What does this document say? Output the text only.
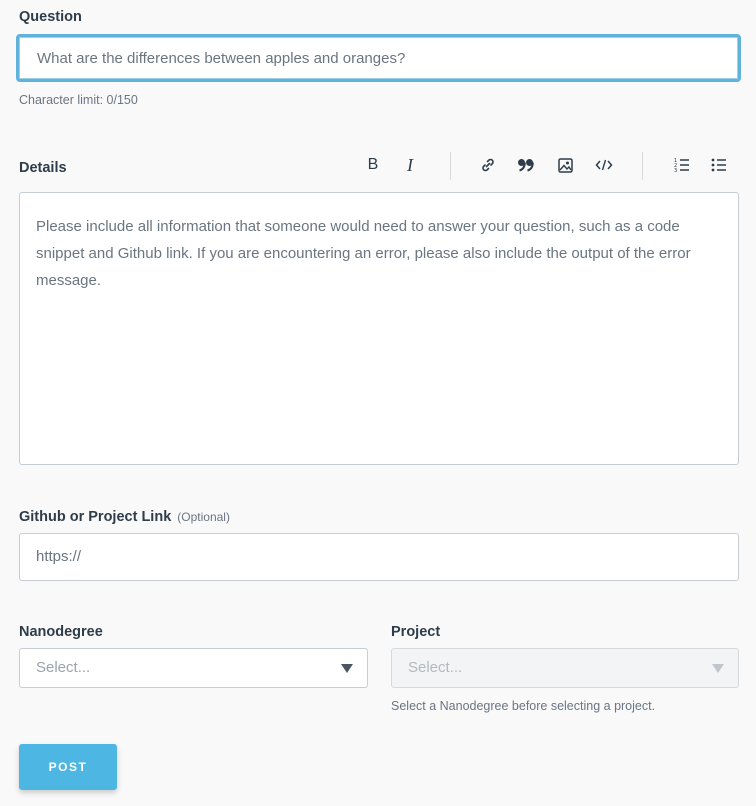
Question
What are the differences between apples and oranges?
Character limit: 0/150
Details	B I	1
2
3
Please include all information that someone would need to answer your question, such as a code snippet and Github link. If you are encountering an error, please also include the output of the error message.
Github or Project Link (Optional)
https://
Nanodegree
Select...
Project
Select...
Select a Nanodegree before selecting a project.
POST
